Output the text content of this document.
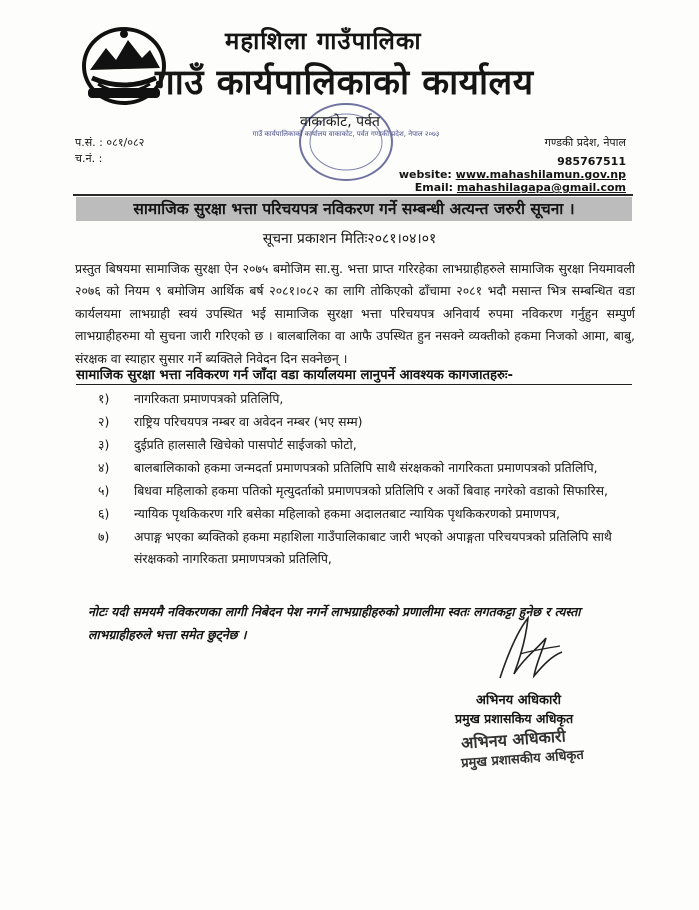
महाशिला गाउँपालिका
गाउँ कार्यपालिकाको कार्यालय
गाउँ कार्यपालिकाको कार्यालय वाकाकोट, पर्वत गण्डकी प्रदेश, नेपाल २०७३
वाकाकोट, पर्वत
प.सं. : ०८१/०८२
च.नं. :
गण्डकी प्रदेश, नेपाल
985767511
website: www.mahashilamun.gov.np
Email: mahashilagapa@gmail.com
सामाजिक सुरक्षा भत्ता परिचयपत्र नविकरण गर्ने सम्बन्धी अत्यन्त जरुरी सूचना ।
सूचना प्रकाशन मितिः२०८१।०४।०१
प्रस्तुत बिषयमा सामाजिक सुरक्षा ऐन २०७५ बमोजिम सा.सु. भत्ता प्राप्त गरिरहेका लाभग्राहीहरुले सामाजिक सुरक्षा नियमावली २०७६ को नियम ९ बमोजिम आर्थिक बर्ष २०८१।०८२ का लागि तोकिएको ढाँचामा २०८१ भदौ मसान्त भित्र सम्बन्धित वडा कार्यलयमा लाभग्राही स्वयं उपस्थित भई सामाजिक सुरक्षा भत्ता परिचयपत्र अनिवार्य रुपमा नविकरण गर्नुहुन सम्पुर्ण लाभग्राहीहरुमा यो सुचना जारी गरिएको छ । बालबालिका वा आफै उपस्थित हुन नसक्ने व्यक्तीको हकमा निजको आमा, बाबु, संरक्षक वा स्याहार सुसार गर्ने ब्यक्तिले निवेदन दिन सक्नेछन् ।
सामाजिक सुरक्षा भत्ता नविकरण गर्न जाँदा वडा कार्यालयमा लानुपर्ने आवश्यक कागजातहरुः-
१) नागरिकता प्रमाणपत्रको प्रतिलिपि,
२) राष्ट्रिय परिचयपत्र नम्बर वा अवेदन नम्बर (भए सम्म)
३) दुईप्रति हालसालै खिचेको पासपोर्ट साईजको फोटो,
४) बालबालिकाको हकमा जन्मदर्ता प्रमाणपत्रको प्रतिलिपि साथै संरक्षकको नागरिकता प्रमाणपत्रको प्रतिलिपि,
५) बिधवा महिलाको हकमा पतिको मृत्युदर्ताको प्रमाणपत्रको प्रतिलिपि र अर्को बिवाह नगरेको वडाको सिफारिस,
६) न्यायिक पृथकिकरण गरि बसेका महिलाको हकमा अदालतबाट न्यायिक पृथकिकरणको प्रमाणपत्र,
७) अपाङ्ग भएका ब्यक्तिको हकमा महाशिला गाउँपालिकाबाट जारी भएको अपाङ्गता परिचयपत्रको प्रतिलिपि साथै संरक्षकको नागरिकता प्रमाणपत्रको प्रतिलिपि,
नोटः यदी समयमै नविकरणका लागी निबेदन पेश नगर्ने लाभग्राहीहरुको प्रणालीमा स्वतः लगतकट्टा हुनेछ र त्यस्ता लाभग्राहीहरुले भत्ता समेत छुट्नेछ ।
अभिनय अधिकारी
प्रमुख प्रशासकिय अधिकृत
अभिनय अधिकारी
प्रमुख प्रशासकीय अधिकृत
